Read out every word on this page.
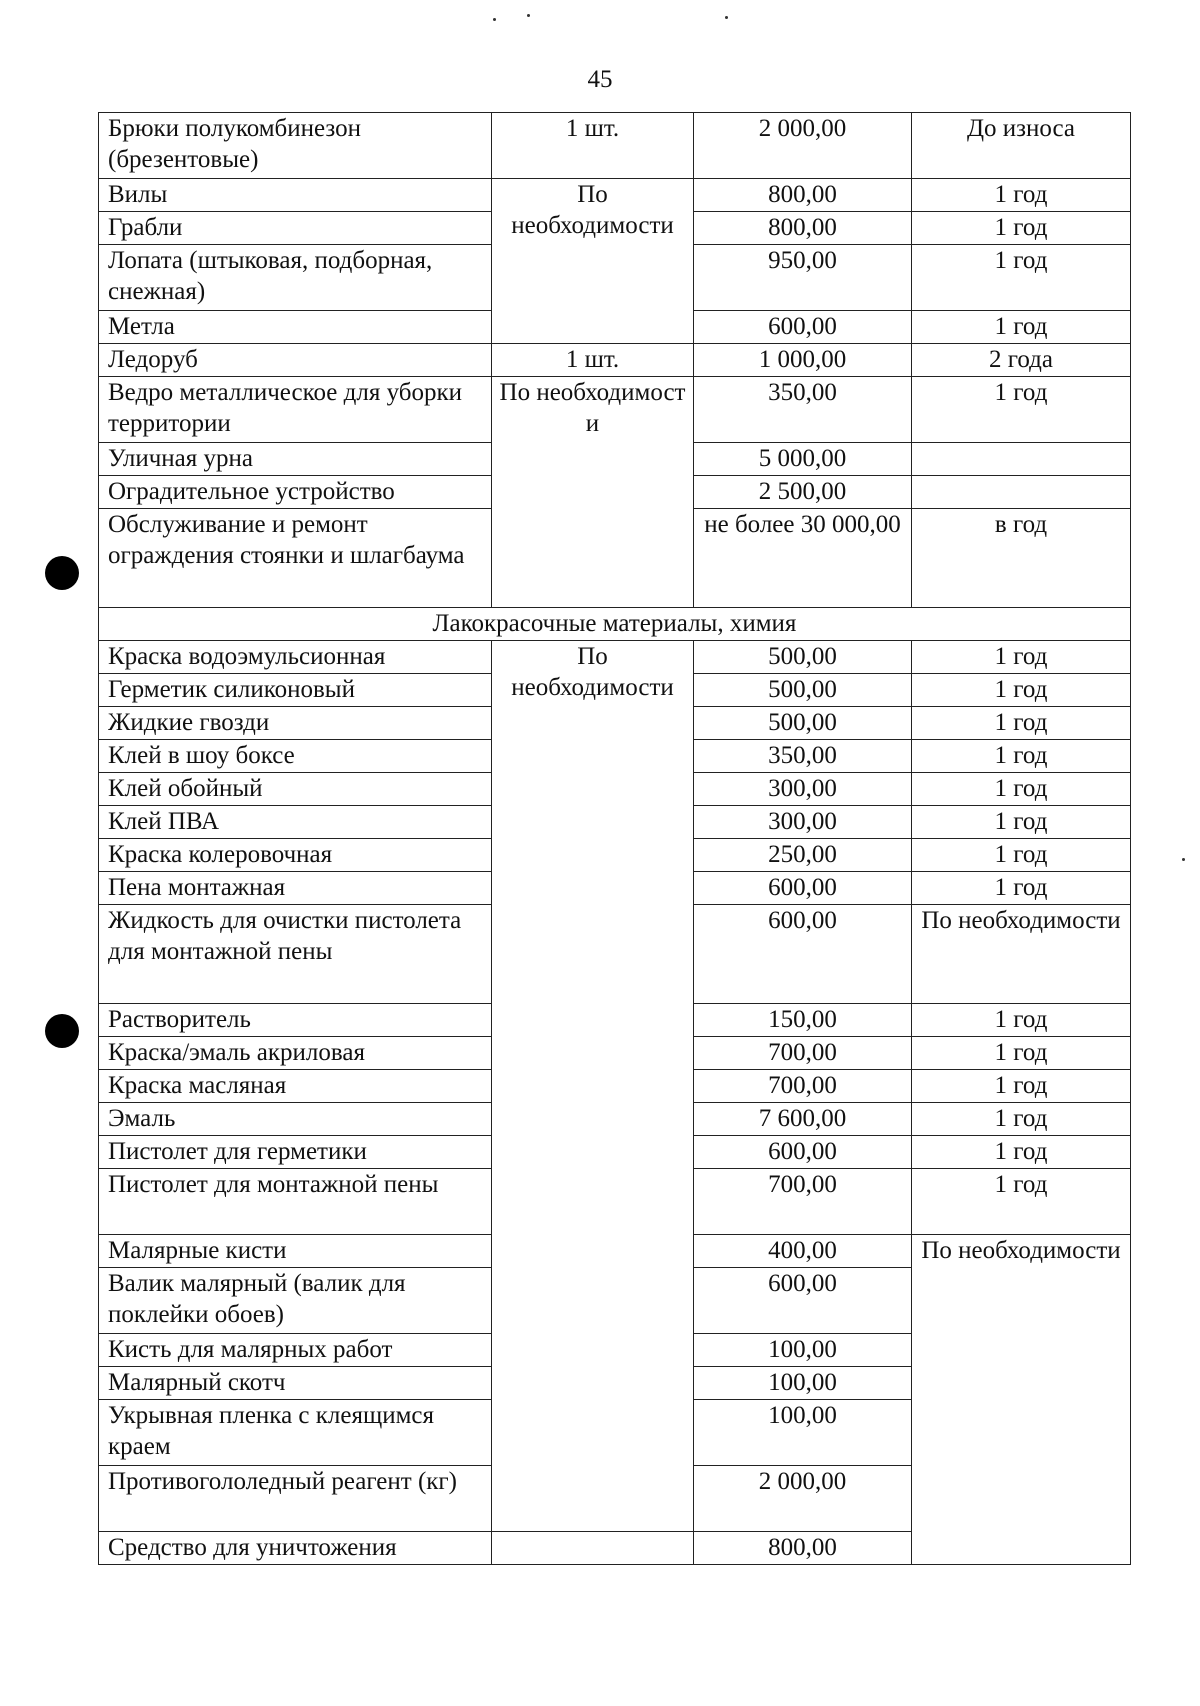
45
Брюки полукомбинезон (брезентовые)	1 шт.	2 000,00	До износа
Вилы	По необходимости	800,00	1 год
Грабли		800,00	1 год
Лопата (штыковая, подборная, снежная)		950,00	1 год
Метла		600,00	1 год
Ледоруб	1 шт.	1 000,00	2 года
Ведро металлическое для уборки территории	По необходимост и	350,00	1 год
Уличная урна		5 000,00	
Оградительное устройство		2 500,00	
Обслуживание и ремонт ограждения стоянки и шлагбаума		не более 30 000,00	в год
Лакокрасочные материалы, химия			
Краска водоэмульсионная	По необходимости	500,00	1 год
Герметик силиконовый		500,00	1 год
Жидкие гвозди		500,00	1 год
Клей в шоу боксе		350,00	1 год
Клей обойный		300,00	1 год
Клей ПВА		300,00	1 год
Краска колеровочная		250,00	1 год
Пена монтажная		600,00	1 год
Жидкость для очистки пистолета для монтажной пены		600,00	По необходимости
Растворитель		150,00	1 год
Краска/эмаль акриловая		700,00	1 год
Краска масляная		700,00	1 год
Эмаль		7 600,00	1 год
Пистолет для герметики		600,00	1 год
Пистолет для монтажной пены		700,00	1 год
Малярные кисти		400,00	По необходимости
Валик малярный (валик для поклейки обоев)		600,00	
Кисть для малярных работ		100,00	
Малярный скотч		100,00	
Укрывная пленка с клеящимся краем		100,00	
Противогололедный реагент (кг)		2 000,00	
Средство для уничтожения		800,00	
